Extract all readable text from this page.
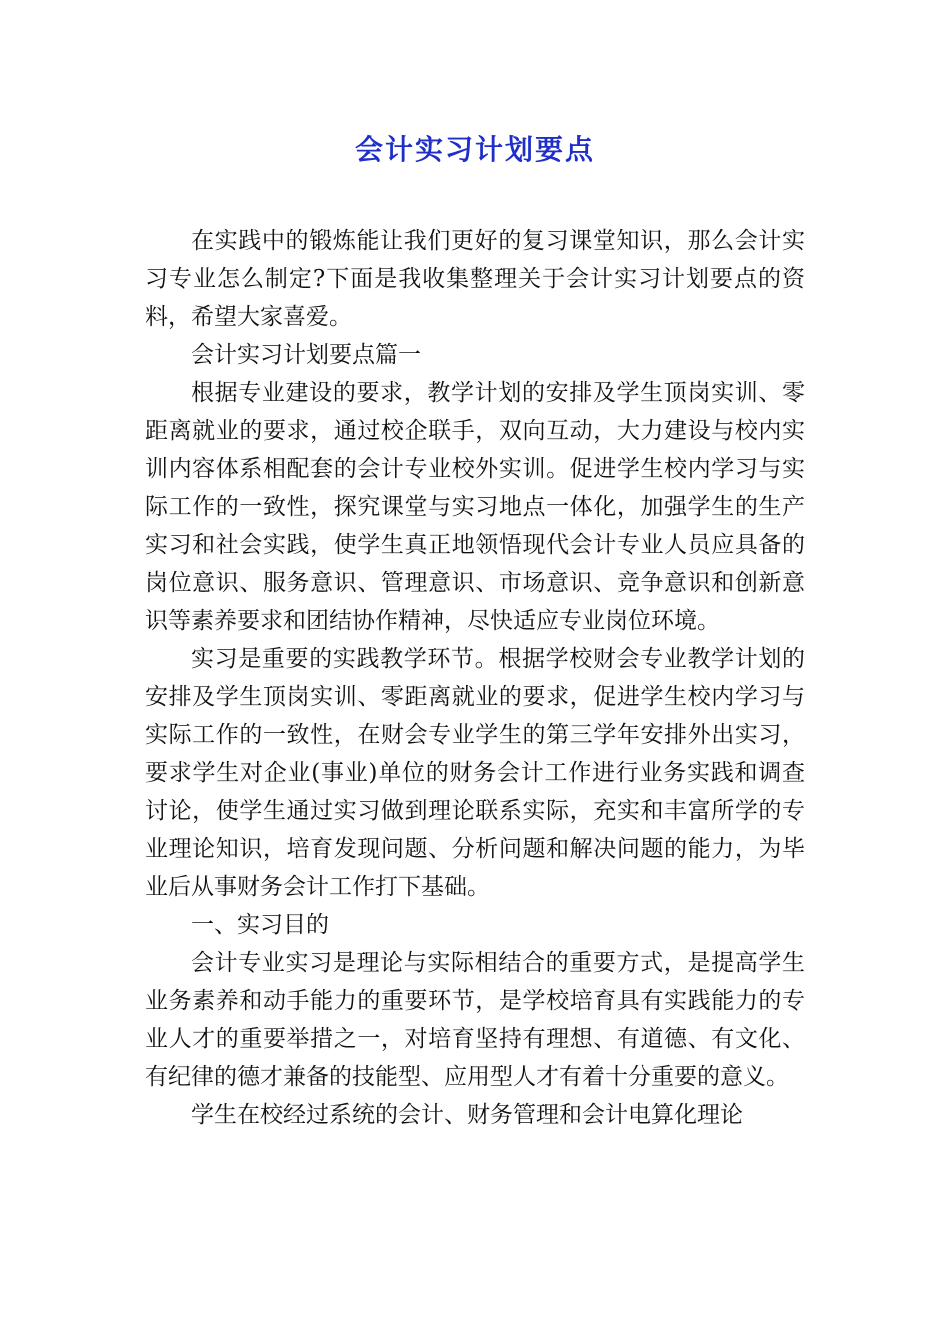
会计实习计划要点

在实践中的锻炼能让我们更好的复习课堂知识，那么会计实习专业怎么制定?下面是我收集整理关于会计实习计划要点的资料，希望大家喜爱。

会计实习计划要点篇一

根据专业建设的要求，教学计划的安排及学生顶岗实训、零距离就业的要求，通过校企联手，双向互动，大力建设与校内实训内容体系相配套的会计专业校外实训。促进学生校内学习与实际工作的一致性，探究课堂与实习地点一体化，加强学生的生产实习和社会实践，使学生真正地领悟现代会计专业人员应具备的岗位意识、服务意识、管理意识、市场意识、竞争意识和创新意识等素养要求和团结协作精神，尽快适应专业岗位环境。

实习是重要的实践教学环节。根据学校财会专业教学计划的安排及学生顶岗实训、零距离就业的要求，促进学生校内学习与实际工作的一致性，在财会专业学生的第三学年安排外出实习，要求学生对企业(事业)单位的财务会计工作进行业务实践和调查讨论，使学生通过实习做到理论联系实际，充实和丰富所学的专业理论知识，培育发现问题、分析问题和解决问题的能力，为毕业后从事财务会计工作打下基础。

一、实习目的

会计专业实习是理论与实际相结合的重要方式，是提高学生业务素养和动手能力的重要环节，是学校培育具有实践能力的专业人才的重要举措之一，对培育坚持有理想、有道德、有文化、有纪律的德才兼备的技能型、应用型人才有着十分重要的意义。

学生在校经过系统的会计、财务管理和会计电算化理论
